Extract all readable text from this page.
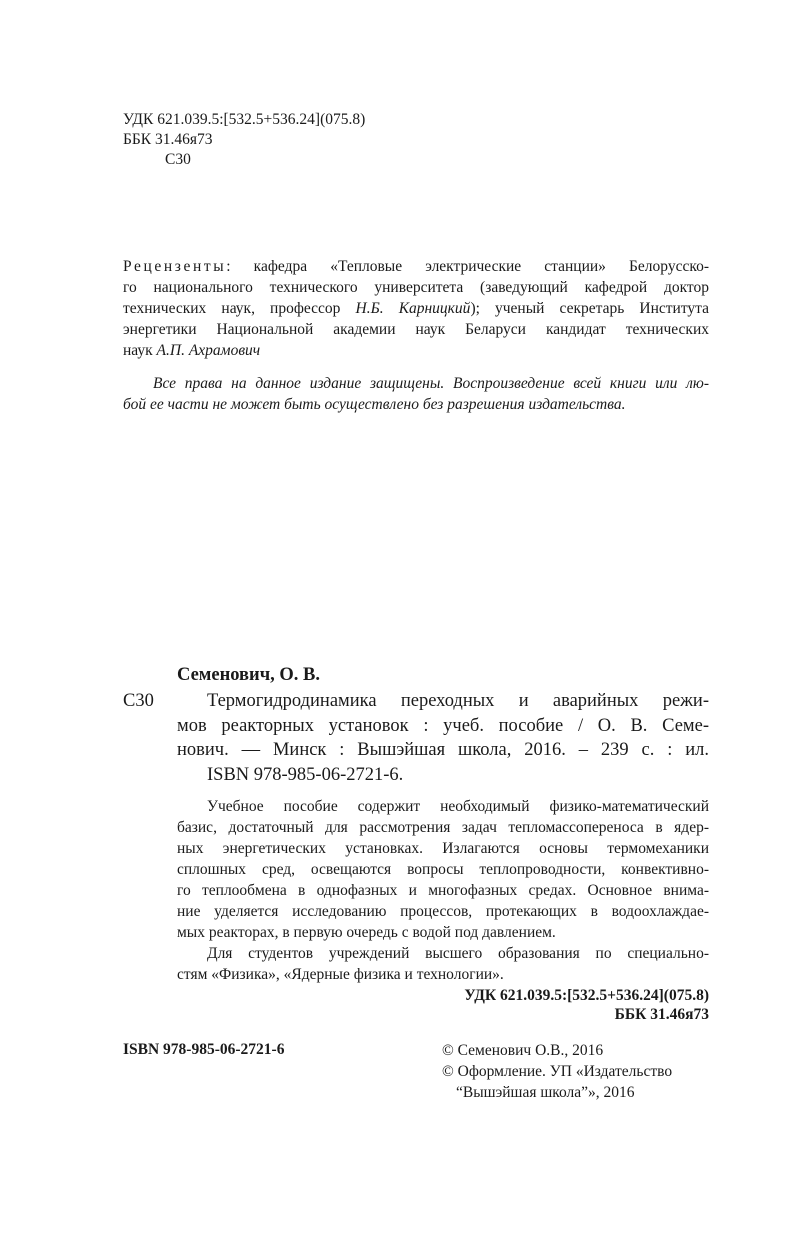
УДК 621.039.5:[532.5+536.24](075.8)
ББК 31.46я73
С30
Рецензенты: кафедра «Тепловые электрические станции» Белорусско-
го национального технического университета (заведующий кафедрой доктор
технических наук, профессор Н.Б. Карницкий); ученый секретарь Института
энергетики Национальной академии наук Беларуси кандидат технических
наук А.П. Ахрамович
Все права на данное издание защищены. Воспроизведение всей книги или лю-
бой ее части не может быть осуществлено без разрешения издательства.
Семенович, О. В.
С30	Термогидродинамика переходных и аварийных режи-
мов реакторных установок : учеб. пособие / О. В. Семе-
нович. — Минск : Вышэйшая школа, 2016. – 239 с. : ил.
ISBN 978-985-06-2721-6.
Учебное пособие содержит необходимый физико-математический
базис, достаточный для рассмотрения задач тепломассопереноса в ядер-
ных энергетических установках. Излагаются основы термомеханики
сплошных сред, освещаются вопросы теплопроводности, конвективно-
го теплообмена в однофазных и многофазных средах. Основное внима-
ние уделяется исследованию процессов, протекающих в водоохлаждае-
мых реакторах, в первую очередь с водой под давлением.
Для студентов учреждений высшего образования по специально-
стям «Физика», «Ядерные физика и технологии».
УДК 621.039.5:[532.5+536.24](075.8)
ББК 31.46я73
ISBN 978-985-06-2721-6	© Семенович О.В., 2016
© Оформление. УП «Издательство
“Вышэйшая школа”», 2016
